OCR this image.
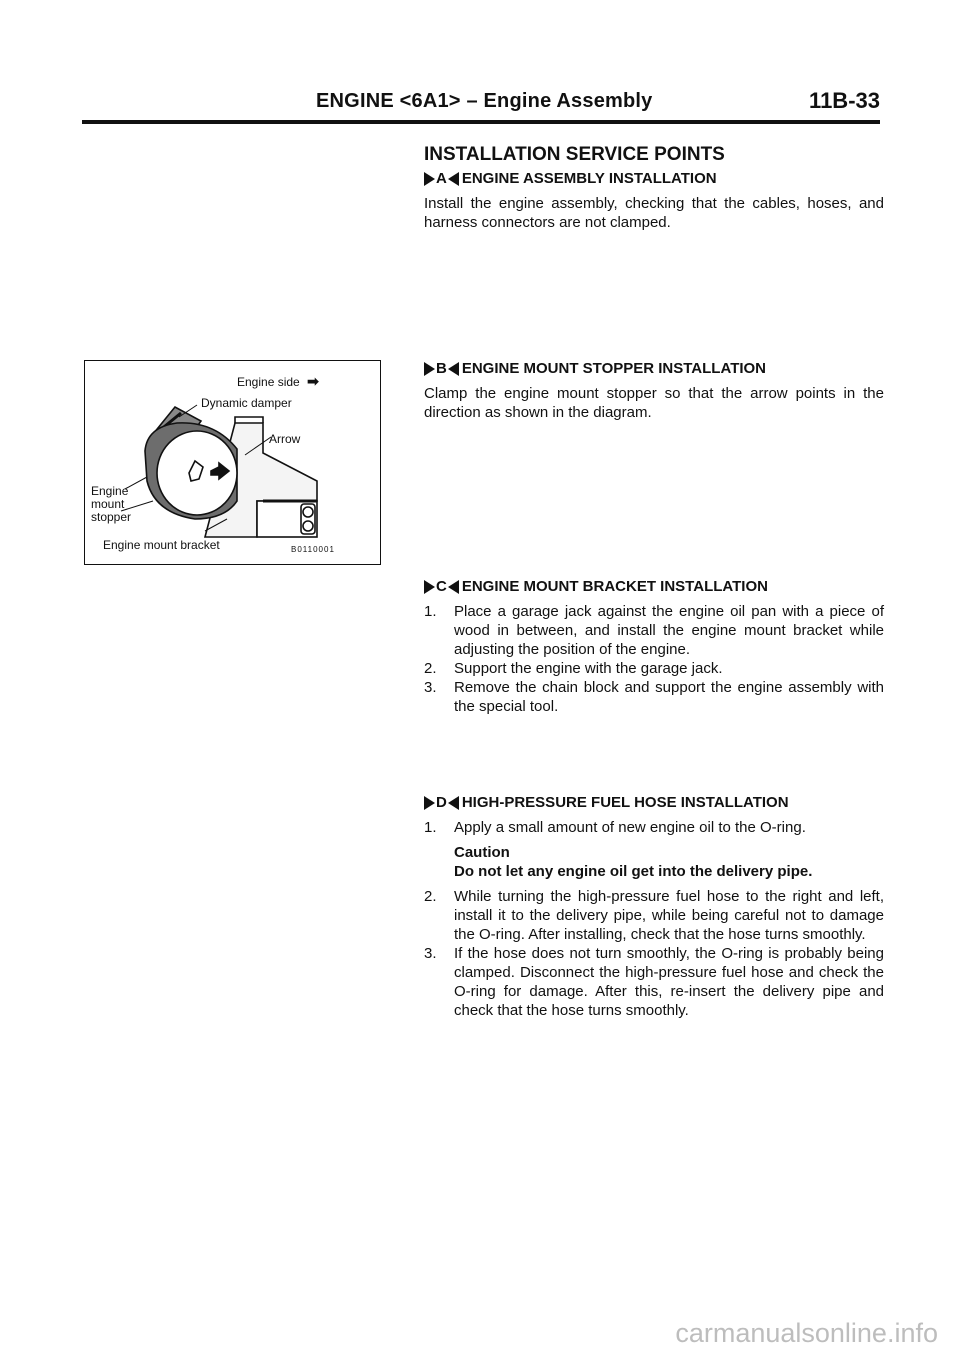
ENGINE <6A1> – Engine Assembly	11B-33
INSTALLATION SERVICE POINTS
A ENGINE ASSEMBLY INSTALLATION
Install the engine assembly, checking that the cables, hoses, and harness connectors are not clamped.
B ENGINE MOUNT STOPPER INSTALLATION
Clamp the engine mount stopper so that the arrow points in the direction as shown in the diagram.
C ENGINE MOUNT BRACKET INSTALLATION
1.	Place a garage jack against the engine oil pan with a piece of wood in between, and install the engine mount bracket while adjusting the position of the engine.
2.	Support the engine with the garage jack.
3.	Remove the chain block and support the engine assembly with the special tool.
D HIGH-PRESSURE FUEL HOSE INSTALLATION
1.	Apply a small amount of new engine oil to the O-ring.
Caution
Do not let any engine oil get into the delivery pipe.
2.	While turning the high-pressure fuel hose to the right and left, install it to the delivery pipe, while being careful not to damage the O-ring. After installing, check that the hose turns smoothly.
3.	If the hose does not turn smoothly, the O-ring is probably being clamped. Disconnect the high-pressure fuel hose and check the O-ring for damage. After this, re-insert the delivery pipe and check that the hose turns smoothly.
Engine side ➡
Dynamic damper
Arrow
Engine
mount
stopper
Engine mount bracket	B0110001
carmanualsonline.info
